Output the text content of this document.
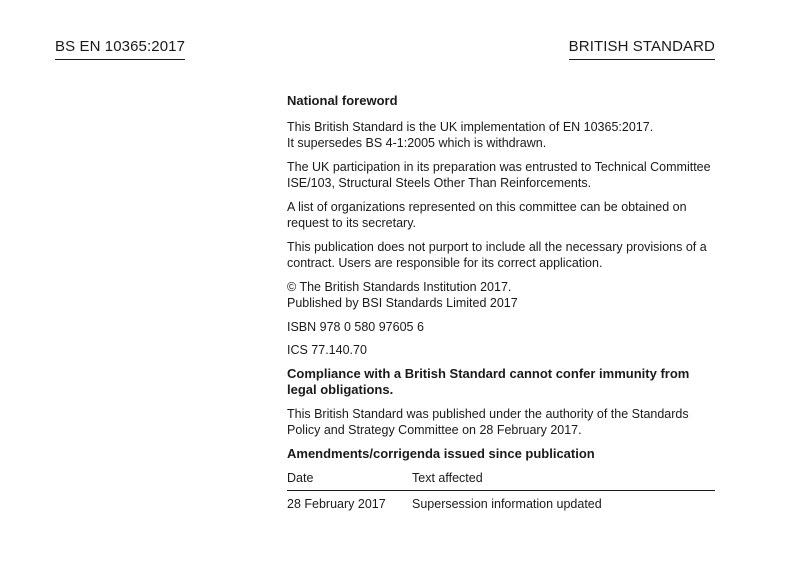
BS EN 10365:2017	BRITISH STANDARD

National foreword

This British Standard is the UK implementation of EN 10365:2017.
It supersedes BS 4-1:2005 which is withdrawn.

The UK participation in its preparation was entrusted to Technical Committee ISE/103, Structural Steels Other Than Reinforcements.

A list of organizations represented on this committee can be obtained on request to its secretary.

This publication does not purport to include all the necessary provisions of a contract. Users are responsible for its correct application.

© The British Standards Institution 2017.
Published by BSI Standards Limited 2017

ISBN 978 0 580 97605 6

ICS 77.140.70

Compliance with a British Standard cannot confer immunity from legal obligations.

This British Standard was published under the authority of the Standards Policy and Strategy Committee on 28 February 2017.

Amendments/corrigenda issued since publication

Date	Text affected
28 February 2017	Supersession information updated
